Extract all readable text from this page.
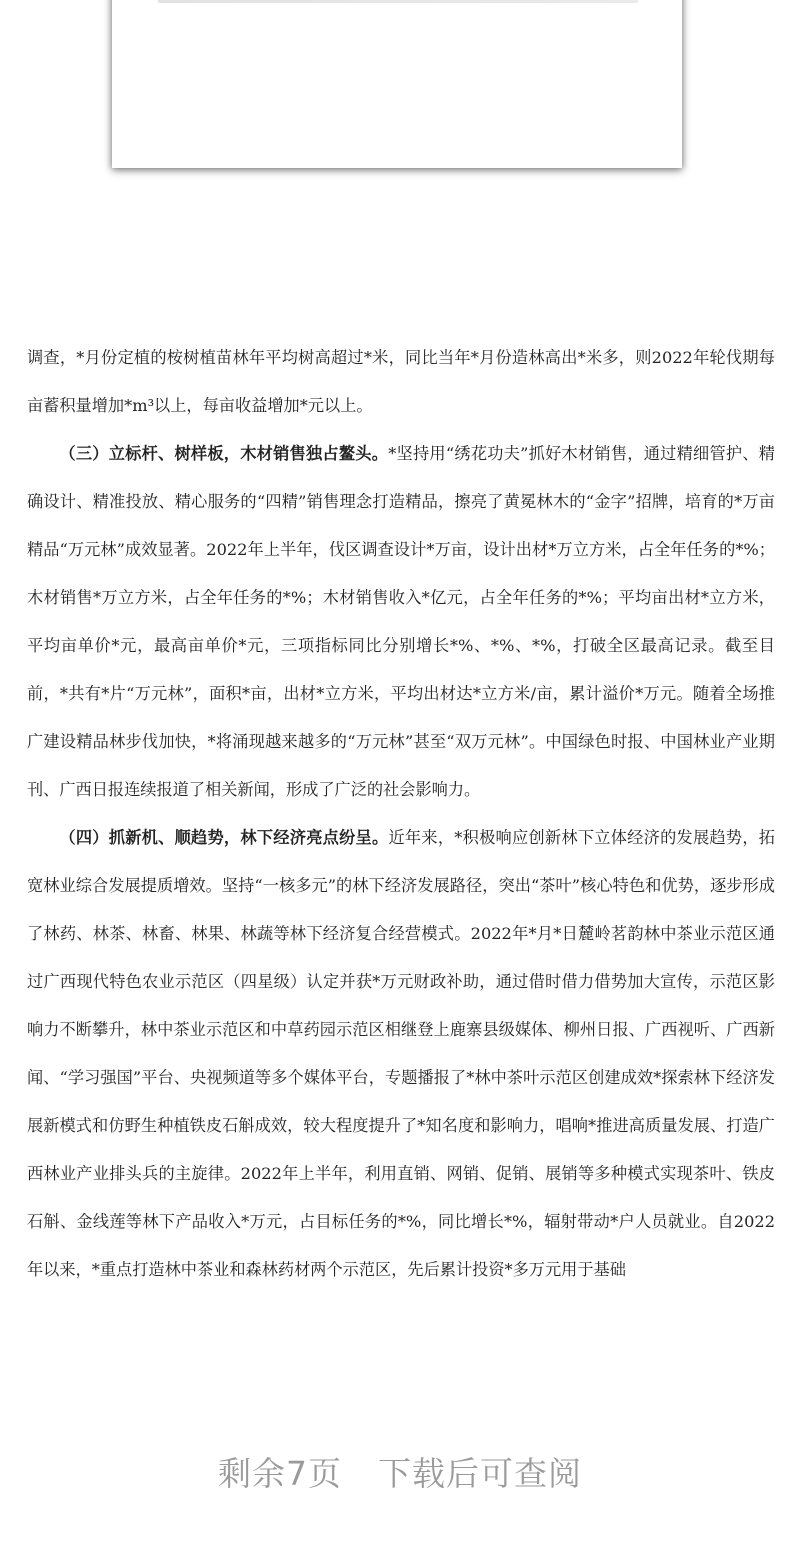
调查，*月份定植的桉树植苗林年平均树高超过*米，同比当年*月份造林高出*米多，则2022年轮伐期每亩蓄积量增加*m³以上，每亩收益增加*元以上。

（三）立标杆、树样板，木材销售独占鳌头。*坚持用“绣花功夫”抓好木材销售，通过精细管护、精确设计、精准投放、精心服务的“四精”销售理念打造精品，擦亮了黄冕林木的“金字”招牌，培育的*万亩精品“万元林”成效显著。2022年上半年，伐区调查设计*万亩，设计出材*万立方米，占全年任务的*%；木材销售*万立方米，占全年任务的*%；木材销售收入*亿元，占全年任务的*%；平均亩出材*立方米，平均亩单价*元，最高亩单价*元，三项指标同比分别增长*%、*%、*%，打破全区最高记录。截至目前，*共有*片“万元林”，面积*亩，出材*立方米，平均出材达*立方米/亩，累计溢价*万元。随着全场推广建设精品林步伐加快，*将涌现越来越多的“万元林”甚至“双万元林”。中国绿色时报、中国林业产业期刊、广西日报连续报道了相关新闻，形成了广泛的社会影响力。

（四）抓新机、顺趋势，林下经济亮点纷呈。近年来，*积极响应创新林下立体经济的发展趋势，拓宽林业综合发展提质增效。坚持“一核多元”的林下经济发展路径，突出“茶叶”核心特色和优势，逐步形成了林药、林茶、林畜、林果、林蔬等林下经济复合经营模式。2022年*月*日麓岭茗韵林中茶业示范区通过广西现代特色农业示范区（四星级）认定并获*万元财政补助，通过借时借力借势加大宣传，示范区影响力不断攀升，林中茶业示范区和中草药园示范区相继登上鹿寨县级媒体、柳州日报、广西视听、广西新闻、“学习强国”平台、央视频道等多个媒体平台，专题播报了*林中茶叶示范区创建成效*探索林下经济发展新模式和仿野生种植铁皮石斛成效，较大程度提升了*知名度和影响力，唱响*推进高质量发展、打造广西林业产业排头兵的主旋律。2022年上半年，利用直销、网销、促销、展销等多种模式实现茶叶、铁皮石斛、金线莲等林下产品收入*万元，占目标任务的*%，同比增长*%，辐射带动*户人员就业。自2022年以来，*重点打造林中茶业和森林药材两个示范区，先后累计投资*多万元用于基础

剩余7页 下载后可查阅
